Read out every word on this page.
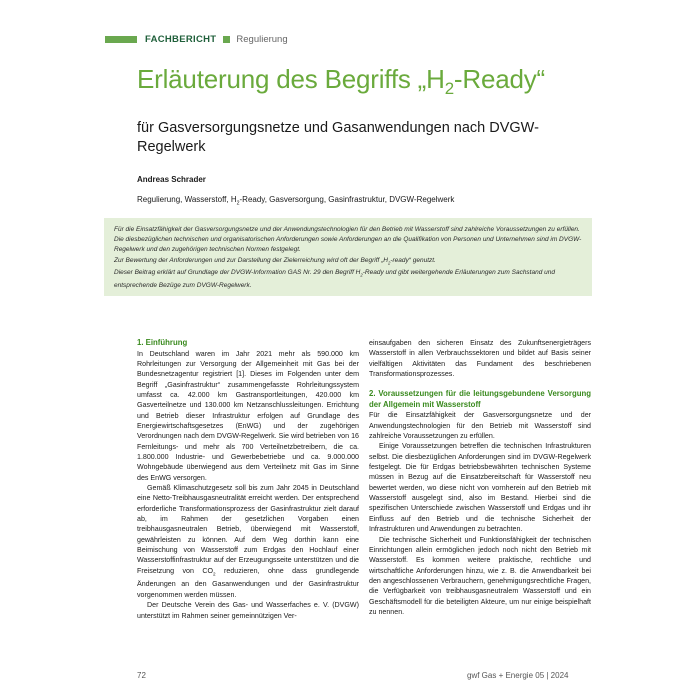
FACHBERICHT Regulierung
Erläuterung des Begriffs $„H_2-Ready“$
für Gasversorgungsnetze und Gasanwendungen nach DVGW-Regelwerk
Andreas Schrader
Regulierung, Wasserstoff, $H_2$-Ready, Gasversorgung, Gasinfrastruktur, DVGW-Regelwerk

Für die Einsatzfähigkeit der Gasversorgungsnetze und der Anwendungstechnologien für den Betrieb mit Wasserstoff sind zahlreiche Voraussetzungen zu erfüllen. Die diesbezüglichen technischen und organisatorischen Anforderungen sowie Anforderungen an die Qualifikation von Personen und Unternehmen sind im DVGW-Regelwerk und den zugehörigen technischen Normen festgelegt.

Zur Bewertung der Anforderungen und zur Darstellung der Zielerreichung wird oft der Begriff $„H_2-ready“$ genutzt.

Dieser Beitrag erklärt auf Grundlage der DVGW-Information GAS Nr. 29 den Begriff $H_2$-Ready und gibt weitergehende Erläuterungen zum Sachstand und entsprechende Bezüge zum DVGW-Regelwerk.

1. Einführung

In Deutschland waren im Jahr 2021 mehr als 590.000 km Rohrleitungen zur Versorgung der Allgemeinheit mit Gas bei der Bundesnetzagentur registriert [1]. Dieses im Folgenden unter dem Begriff „Gasinfrastruktur“ zusammengefasste Rohrleitungssystem umfasst ca. 42.000 km Gastransportleitungen, 420.000 km Gasverteilnetze und 130.000 km Netzanschlussleitungen. Errichtung und Betrieb dieser Infrastruktur erfolgen auf Grundlage des Energiewirtschaftsgesetzes (EnWG) und der zugehörigen Verordnungen nach dem DVGW-Regelwerk. Sie wird betrieben von 16 Fernleitungs- und mehr als 700 Verteilnetzbetreibern, die ca. 1.800.000 Industrie- und Gewerbebetriebe und ca. 9.000.000 Wohngebäude überwiegend aus dem Verteilnetz mit Gas im Sinne des EnWG versorgen.

Gemäß Klimaschutzgesetz soll bis zum Jahr 2045 in Deutschland eine Netto-Treibhausgasneutralität erreicht werden. Der entsprechend erforderliche Transformationsprozess der Gasinfrastruktur zielt darauf ab, im Rahmen der gesetzlichen Vorgaben einen treibhausgasneutralen Betrieb, überwiegend mit Wasserstoff, gewährleisten zu können. Auf dem Weg dorthin kann eine Beimischung von Wasserstoff zum Erdgas den Hochlauf einer Wasserstoffinfrastruktur auf der Erzeugungsseite unterstützen und die Freisetzung von $CO_2$ reduzieren, ohne dass grundlegende Änderungen an den Gasanwendungen und der Gasinfrastruktur vorgenommen werden müssen.

Der Deutsche Verein des Gas- und Wasserfaches e. V. (DVGW) unterstützt im Rahmen seiner gemeinnützigen Ver-

einsaufgaben den sicheren Einsatz des Zukunftsenergieträgers Wasserstoff in allen Verbrauchssektoren und bildet auf Basis seiner vielfältigen Aktivitäten das Fundament des beschriebenen Transformationsprozesses.

2. Voraussetzungen für die leitungsgebundene Versorgung der Allgemein mit Wasserstoff

Für die Einsatzfähigkeit der Gasversorgungsnetze und der Anwendungstechnologien für den Betrieb mit Wasserstoff sind zahlreiche Voraussetzungen zu erfüllen.

Einige Voraussetzungen betreffen die technischen Infrastrukturen selbst. Die diesbezüglichen Anforderungen sind im DVGW-Regelwerk festgelegt. Die für Erdgas betriebsbewährten technischen Systeme müssen in Bezug auf die Einsatzbereitschaft für Wasserstoff neu bewertet werden, wo diese nicht von vornherein auf den Betrieb mit Wasserstoff ausgelegt sind, also im Bestand. Hierbei sind die spezifischen Unterschiede zwischen Wasserstoff und Erdgas und ihr Einfluss auf den Betrieb und die technische Sicherheit der Infrastrukturen und Anwendungen zu betrachten.

Die technische Sicherheit und Funktionsfähigkeit der technischen Einrichtungen allein ermöglichen jedoch noch nicht den Betrieb mit Wasserstoff. Es kommen weitere praktische, rechtliche und wirtschaftliche Anforderungen hinzu, wie z. B. die Anwendbarkeit bei den angeschlossenen Verbrauchern, genehmigungsrechtliche Fragen, die Verfügbarkeit von treibhausgasneutralem Wasserstoff und ein Geschäftsmodell für die beteiligten Akteure, um nur einige beispielhaft zu nennen.

72	gwf Gas + Energie 05 | 2024
